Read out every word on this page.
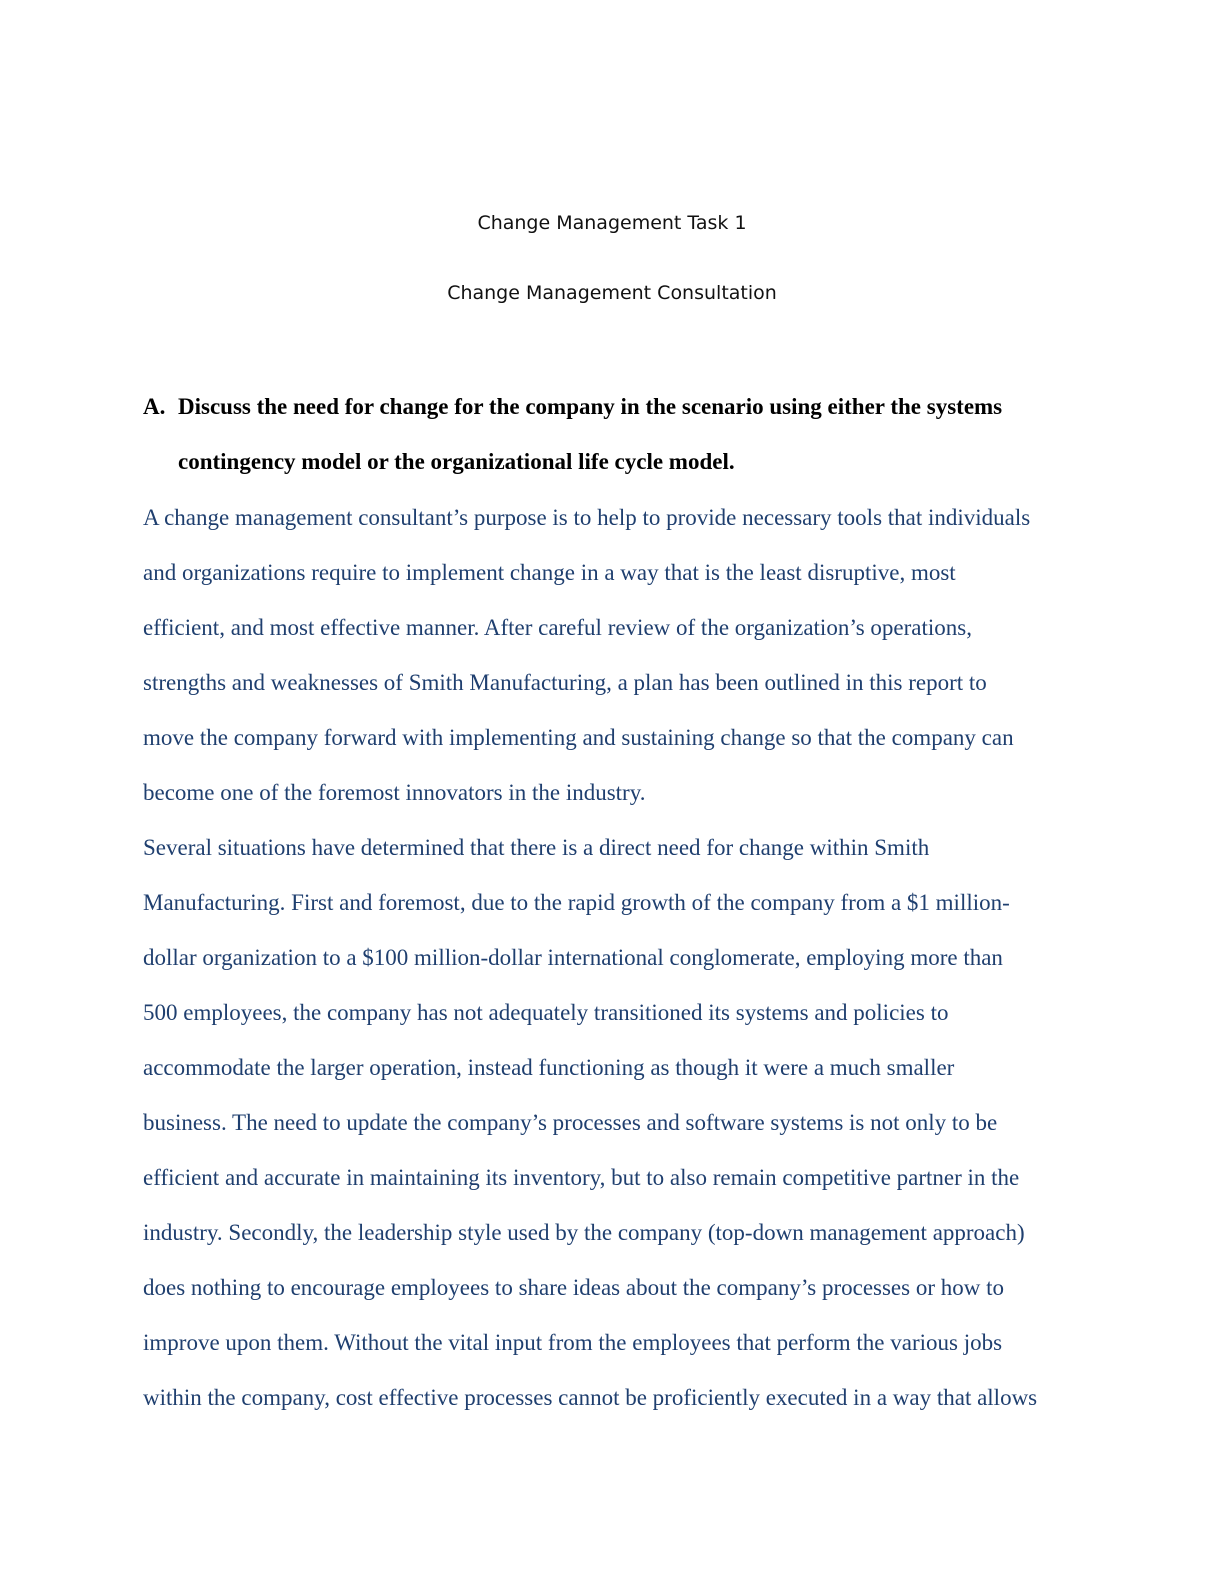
Change Management Task 1
Change Management Consultation
A. Discuss the need for change for the company in the scenario using either the systems
contingency model or the organizational life cycle model.
A change management consultant’s purpose is to help to provide necessary tools that individuals
and organizations require to implement change in a way that is the least disruptive, most
efficient, and most effective manner. After careful review of the organization’s operations,
strengths and weaknesses of Smith Manufacturing, a plan has been outlined in this report to
move the company forward with implementing and sustaining change so that the company can
become one of the foremost innovators in the industry.
Several situations have determined that there is a direct need for change within Smith
Manufacturing. First and foremost, due to the rapid growth of the company from a $1 million-
dollar organization to a $100 million-dollar international conglomerate, employing more than
500 employees, the company has not adequately transitioned its systems and policies to
accommodate the larger operation, instead functioning as though it were a much smaller
business. The need to update the company’s processes and software systems is not only to be
efficient and accurate in maintaining its inventory, but to also remain competitive partner in the
industry. Secondly, the leadership style used by the company (top-down management approach)
does nothing to encourage employees to share ideas about the company’s processes or how to
improve upon them. Without the vital input from the employees that perform the various jobs
within the company, cost effective processes cannot be proficiently executed in a way that allows
